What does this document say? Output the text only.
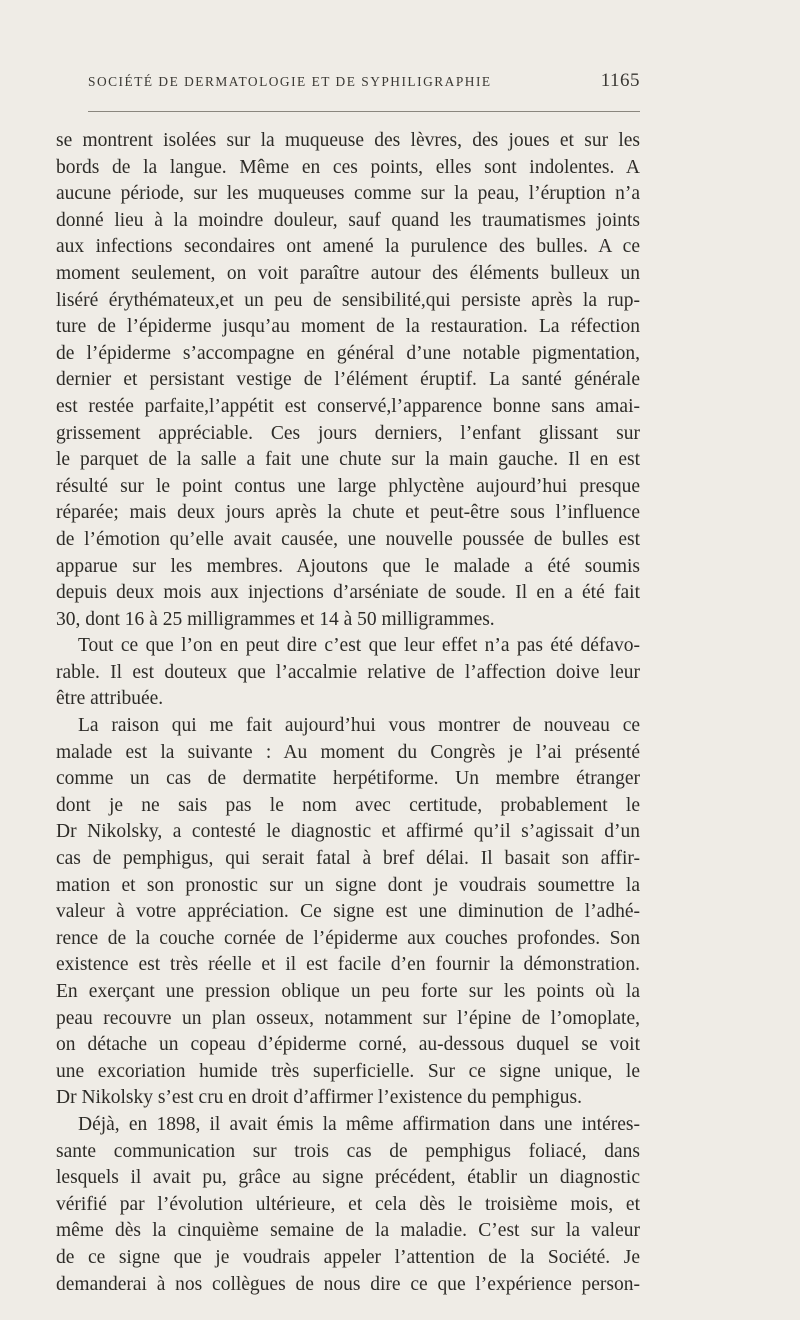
SOCIÉTÉ DE DERMATOLOGIE ET DE SYPHILIGRAPHIE	1165
se montrent isolées sur la muqueuse des lèvres, des joues et sur les
bords de la langue. Même en ces points, elles sont indolentes. A
aucune période, sur les muqueuses comme sur la peau, l’éruption n’a
donné lieu à la moindre douleur, sauf quand les traumatismes joints
aux infections secondaires ont amené la purulence des bulles. A ce
moment seulement, on voit paraître autour des éléments bulleux un
liséré érythémateux,et un peu de sensibilité,qui persiste après la rup-
ture de l’épiderme jusqu’au moment de la restauration. La réfection
de l’épiderme s’accompagne en général d’une notable pigmentation,
dernier et persistant vestige de l’élément éruptif. La santé générale
est restée parfaite,l’appétit est conservé,l’apparence bonne sans amai-
grissement appréciable. Ces jours derniers, l’enfant glissant sur
le parquet de la salle a fait une chute sur la main gauche. Il en est
résulté sur le point contus une large phlyctène aujourd’hui presque
réparée; mais deux jours après la chute et peut-être sous l’influence
de l’émotion qu’elle avait causée, une nouvelle poussée de bulles est
apparue sur les membres. Ajoutons que le malade a été soumis
depuis deux mois aux injections d’arséniate de soude. Il en a été fait
30, dont 16 à 25 milligrammes et 14 à 50 milligrammes.
Tout ce que l’on en peut dire c’est que leur effet n’a pas été défavo-
rable. Il est douteux que l’accalmie relative de l’affection doive leur
être attribuée.
La raison qui me fait aujourd’hui vous montrer de nouveau ce
malade est la suivante : Au moment du Congrès je l’ai présenté
comme un cas de dermatite herpétiforme. Un membre étranger
dont je ne sais pas le nom avec certitude, probablement le
Dr Nikolsky, a contesté le diagnostic et affirmé qu’il s’agissait d’un
cas de pemphigus, qui serait fatal à bref délai. Il basait son affir-
mation et son pronostic sur un signe dont je voudrais soumettre la
valeur à votre appréciation. Ce signe est une diminution de l’adhé-
rence de la couche cornée de l’épiderme aux couches profondes. Son
existence est très réelle et il est facile d’en fournir la démonstration.
En exerçant une pression oblique un peu forte sur les points où la
peau recouvre un plan osseux, notamment sur l’épine de l’omoplate,
on détache un copeau d’épiderme corné, au-dessous duquel se voit
une excoriation humide très superficielle. Sur ce signe unique, le
Dr Nikolsky s’est cru en droit d’affirmer l’existence du pemphigus.
Déjà, en 1898, il avait émis la même affirmation dans une intéres-
sante communication sur trois cas de pemphigus foliacé, dans
lesquels il avait pu, grâce au signe précédent, établir un diagnostic
vérifié par l’évolution ultérieure, et cela dès le troisième mois, et
même dès la cinquième semaine de la maladie. C’est sur la valeur
de ce signe que je voudrais appeler l’attention de la Société. Je
demanderai à nos collègues de nous dire ce que l’expérience person-
